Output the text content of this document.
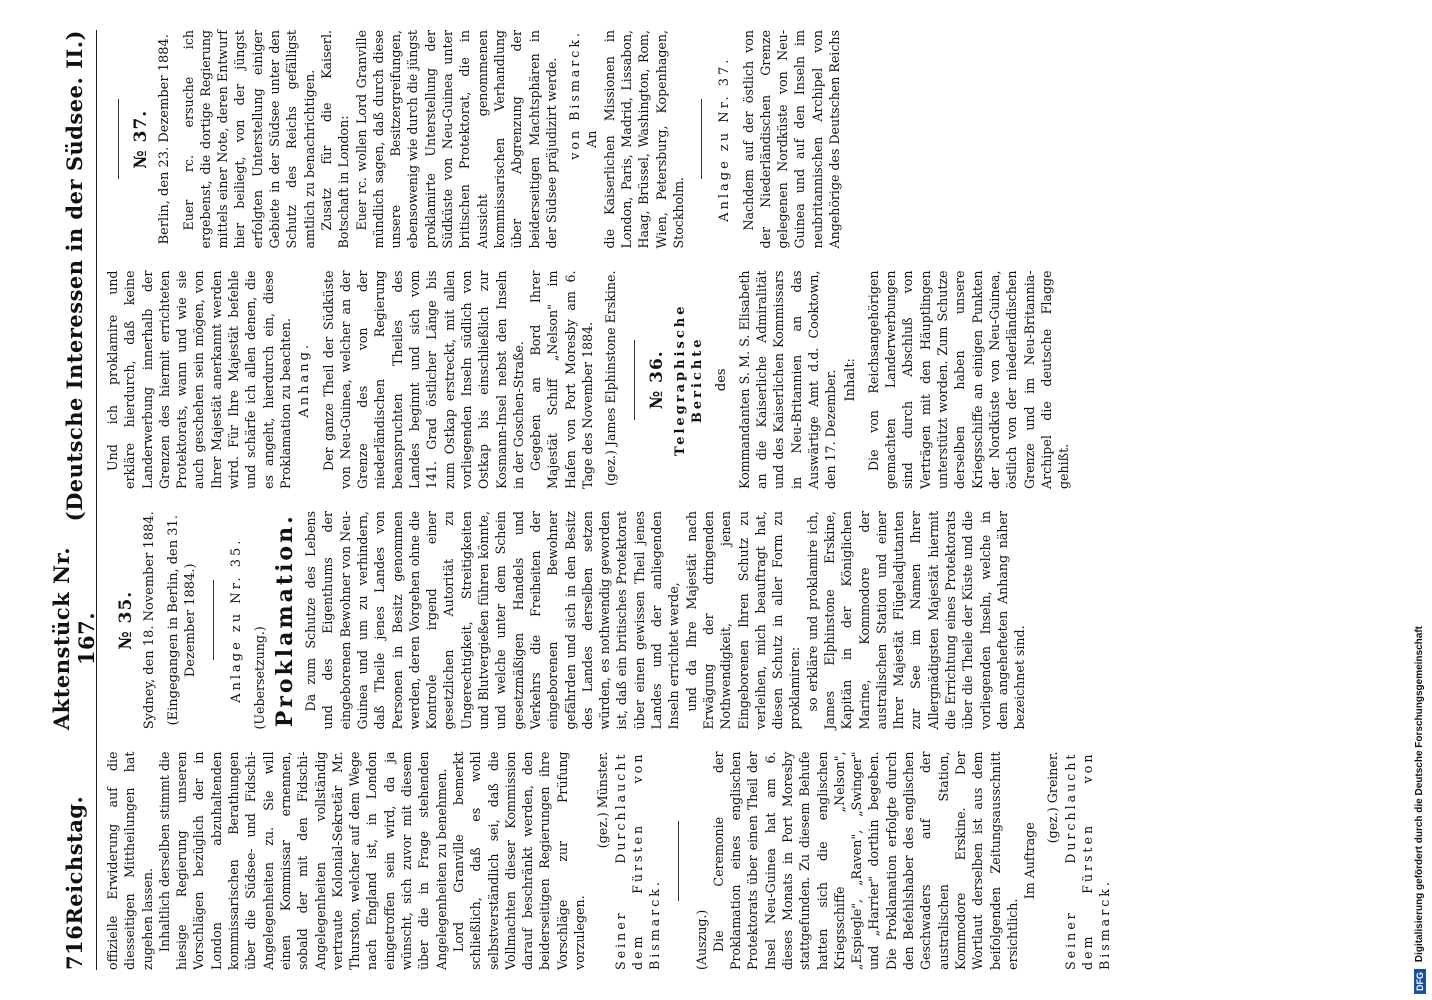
716
Reichstag.
Aktenstück Nr. 167.
(Deutsche Interessen in der Südsee. II.)

offizielle Erwiderung auf die diesseitigen Mittheilungen hat zugehen lassen. Inhaltlich derselben stimmt die hiesige Regierung unseren Vorschlägen bezüglich der in London abzuhaltenden kommissarischen Berathungen über die Südsee- und Fidschi-Angelegenheiten zu. Sie will einen Kommissar ernennen, sobald der mit den Fidschi-Angelegenheiten vollständig vertraute Kolonial-Sekretär Mr. Thurston, welcher auf dem Wege nach England ist, in London eingetroffen sein wird, da ja wünscht, sich zuvor mit diesem über die in Frage stehenden Angelegenheiten zu benehmen. Lord Granville bemerkt schließlich, daß es wohl selbstverständlich sei, daß die Vollmachten dieser Kommission darauf beschränkt werden, den beiderseitigen Regierungen ihre Vorschläge zur Prüfung vorzulegen.

(gez.) Münster. Seiner Durchlaucht dem Fürsten von Bismarck. (Auszug.) Die Ceremonie der Proklamation eines englischen Protektorats über einen Theil der Insel Neu-Guinea hat am 6. dieses Monats in Port Moresby stattgefunden. Zu diesem Behufe hatten sich die englischen Kriegsschiffe „Nelson", „Espiegle", „Raven", „Swinger" und „Harrier" dorthin begeben. Die Proklamation erfolgte durch den Befehlshaber des englischen Geschwaders auf der australischen Station, Kommodore Erskine. Der Wortlaut derselben ist aus dem beifolgenden Zeitungsausschnitt ersichtlich.

Im Auftrage
(gez.) Greiner. Seiner Durchlaucht dem Fürsten von Bismarck.

№ 35. Sydney, den 18. November 1884. (Eingegangen in Berlin, den 31. Dezember 1884.) Anlage zu Nr. 35. (Uebersetzung.) Proklamation. Da zum Schutze des Lebens und des Eigenthums der eingeborenen Bewohner von Neu-Guinea und um zu verhindern, daß Theile jenes Landes von Personen in Besitz genommen werden, deren Vorgehen ohne die Kontrole irgend einer gesetzlichen Autorität zu Ungerechtigkeit, Streitigkeiten und Blutvergießen führen könnte, und welche unter dem Schein gesetzmäßigen Handels und Verkehrs die Freiheiten der eingeborenen Bewohner gefährden und sich in den Besitz des Landes derselben setzen würden, es nothwendig geworden ist, daß ein britisches Protektorat über einen gewissen Theil jenes Landes und der anliegenden Inseln errichtet werde, und da Ihre Majestät nach Erwägung der dringenden Nothwendigkeit, jenen Eingeborenen Ihren Schutz zu verleihen, mich beauftragt hat, diesen Schutz in aller Form zu proklamiren: so erkläre und proklamire ich, James Elphinstone Erskine, Kapitän in der Königlichen Marine, Kommodore der australischen Station und einer Ihrer Majestät Flügeladjutanten zur See im Namen Ihrer Allergnädigsten Majestät hiermit die Errichtung eines Protektorats über die Theile der Küste und die vorliegenden Inseln, welche in dem angehefteten Anhang näher bezeichnet sind.

Und ich proklamire und erkläre hierdurch, daß keine Landerwerbung innerhalb der Grenzen des hiermit errichteten Protektorats, wann und wie sie auch geschehen sein mögen, von Ihrer Majestät anerkannt werden wird. Für Ihre Majestät befehle und schärfe ich allen denen, die es angeht, hierdurch ein, diese Proklamation zu beachten. Anhang. Der ganze Theil der Südküste von Neu-Guinea, welcher an der Grenze des von der niederländischen Regierung beanspruchten Theiles des Landes beginnt und sich vom 141. Grad östlicher Länge bis zum Ostkap erstreckt, mit allen vorliegenden Inseln südlich von Ostkap bis einschließlich zur Kosmann-Insel nebst den Inseln in der Goschen-Straße. Gegeben an Bord Ihrer Majestät Schiff „Nelson" im Hafen von Port Moresby am 6. Tage des November 1884. (gez.) James Elphinstone Erskine. № 36. Telegraphische Berichte des Kommandanten S. M. S. Elisabeth an die Kaiserliche Admiralität und des Kaiserlichen Kommissars in Neu-Britannien an das Auswärtige Amt d.d. Cooktown, den 17. Dezember. Inhalt: Die von Reichsangehörigen gemachten Landerwerbungen sind durch Abschluß von Verträgen mit den Häuptlingen unterstützt worden. Zum Schutze derselben haben unsere Kriegsschiffe an einigen Punkten der Nordküste von Neu-Guinea, östlich von der niederländischen Grenze und im Neu-Britannia-Archipel die deutsche Flagge gehißt.

№ 37. Berlin, den 23. Dezember 1884. Euer rc. ersuche ich ergebenst, die dortige Regierung mittels einer Note, deren Entwurf hier beiliegt, von der jüngst erfolgten Unterstellung einiger Gebiete in der Südsee unter den Schutz des Reichs gefälligst amtlich zu benachrichtigen. Zusatz für die Kaiserl. Botschaft in London: Euer rc. wollen Lord Granville mündlich sagen, daß durch diese unsere Besitzergreifungen, ebensowenig wie durch die jüngst proklamirte Unterstellung der Südküste von Neu-Guinea unter britischen Protektorat, die in Aussicht genommenen kommissarischen Verhandlung über Abgrenzung der beiderseitigen Machtsphären in der Südsee präjudizirt werde. von Bismarck. An die Kaiserlichen Missionen in London, Paris, Madrid, Lissabon, Haag, Brüssel, Washington, Rom, Wien, Petersburg, Kopenhagen, Stockholm. Anlage zu Nr. 37. Nachdem auf der östlich von der Niederländischen Grenze gelegenen Nordküste von Neu-Guinea und auf den Inseln im neubritannischen Archipel von Angehörige des Deutschen Reichs

DFG Digitalisierung gefördert durch die Deutsche Forschungsgemeinschaft
